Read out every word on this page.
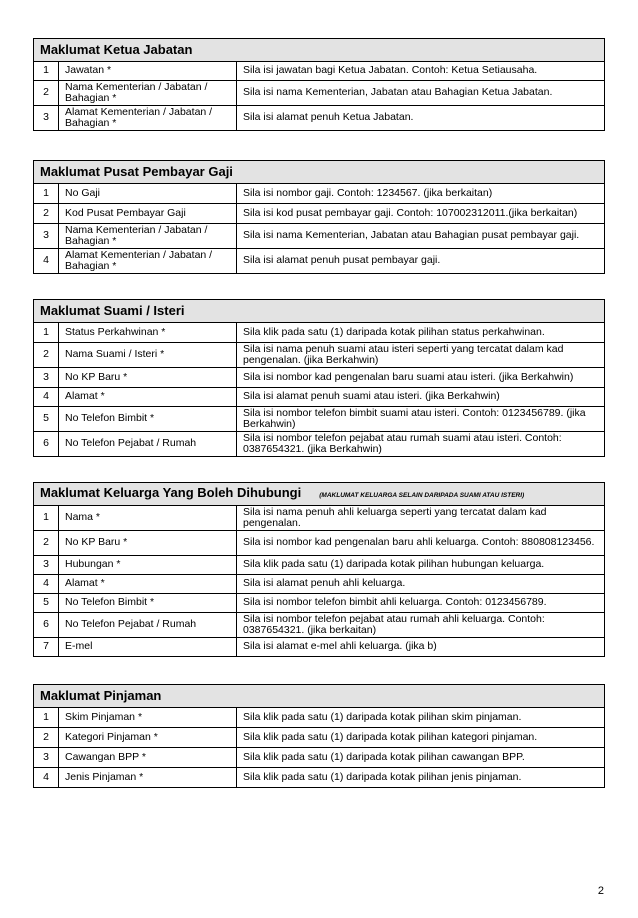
Maklumat Ketua Jabatan		
1	Jawatan *	Sila isi jawatan bagi Ketua Jabatan. Contoh: Ketua Setiausaha.
2	Nama Kementerian / Jabatan / Bahagian *	Sila isi nama Kementerian, Jabatan atau Bahagian Ketua Jabatan.
3	Alamat Kementerian / Jabatan / Bahagian *	Sila isi alamat penuh Ketua Jabatan.
Maklumat Pusat Pembayar Gaji		
1	No Gaji	Sila isi nombor gaji. Contoh: 1234567. (jika berkaitan)
2	Kod Pusat Pembayar Gaji	Sila isi kod pusat pembayar gaji. Contoh: 107002312011.(jika berkaitan)
3	Nama Kementerian / Jabatan / Bahagian *	Sila isi nama Kementerian, Jabatan atau Bahagian pusat pembayar gaji.
4	Alamat Kementerian / Jabatan / Bahagian *	Sila isi alamat penuh pusat pembayar gaji.
Maklumat Suami / Isteri		
1	Status Perkahwinan *	Sila klik pada satu (1) daripada kotak pilihan status perkahwinan.
2	Nama Suami / Isteri *	Sila isi nama penuh suami atau isteri seperti yang tercatat dalam kad pengenalan. (jika Berkahwin)
3	No KP Baru *	Sila isi nombor kad pengenalan baru suami atau isteri. (jika Berkahwin)
4	Alamat *	Sila isi alamat penuh suami atau isteri. (jika Berkahwin)
5	No Telefon Bimbit *	Sila isi nombor telefon bimbit suami atau isteri. Contoh: 0123456789. (jika Berkahwin)
6	No Telefon Pejabat / Rumah	Sila isi nombor telefon pejabat atau rumah suami atau isteri. Contoh: 0387654321. (jika Berkahwin)
Maklumat Keluarga Yang Boleh Dihubungi (MAKLUMAT KELUARGA SELAIN DARIPADA SUAMI ATAU ISTERI)		
1	Nama *	Sila isi nama penuh ahli keluarga seperti yang tercatat dalam kad pengenalan.
2	No KP Baru *	Sila isi nombor kad pengenalan baru ahli keluarga. Contoh: 880808123456.
3	Hubungan *	Sila klik pada satu (1) daripada kotak pilihan hubungan keluarga.
4	Alamat *	Sila isi alamat penuh ahli keluarga.
5	No Telefon Bimbit *	Sila isi nombor telefon bimbit ahli keluarga. Contoh: 0123456789.
6	No Telefon Pejabat / Rumah	Sila isi nombor telefon pejabat atau rumah ahli keluarga. Contoh: 0387654321. (jika berkaitan)
7	E-mel	Sila isi alamat e-mel ahli keluarga. (jika b)
Maklumat Pinjaman		
1	Skim Pinjaman *	Sila klik pada satu (1) daripada kotak pilihan skim pinjaman.
2	Kategori Pinjaman *	Sila klik pada satu (1) daripada kotak pilihan kategori pinjaman.
3	Cawangan BPP *	Sila klik pada satu (1) daripada kotak pilihan cawangan BPP.
4	Jenis Pinjaman *	Sila klik pada satu (1) daripada kotak pilihan jenis pinjaman.
2
